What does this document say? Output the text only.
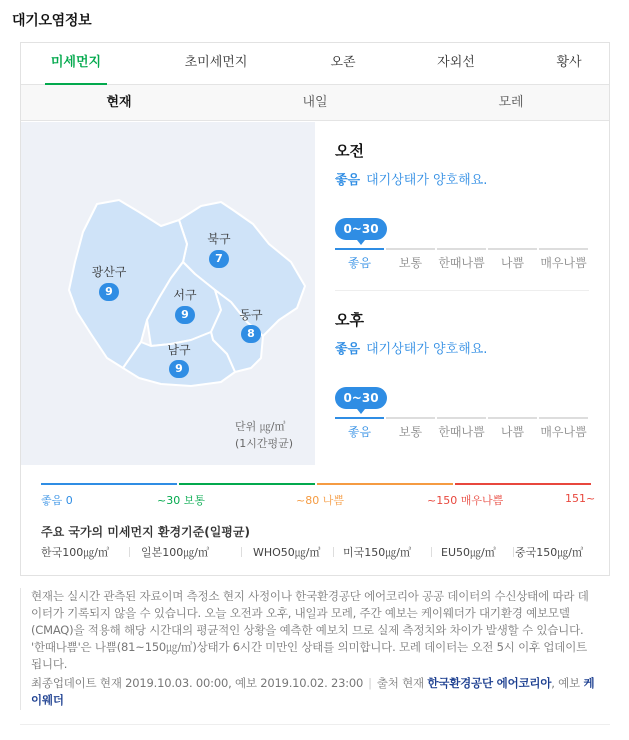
대기오염정보
미세먼지	초미세먼지	오존	자외선	황사
현재	내일	모레
북구
7
광산구
9	서구
9	동구
8
남구
9
단위 ㎍/㎥
(1시간평균)
오전
좋음 대기상태가 양호해요.
0~30
좋음	보통	한때나쁨	나쁨	매우나쁨
오후
좋음 대기상태가 양호해요.
0~30
좋음	보통	한때나쁨	나쁨	매우나쁨
좋음 0	~30 보통	~80 나쁨	~150 매우나쁨	151~
주요 국가의 미세먼지 환경기준(일평균)
한국100㎍/㎥	일본100㎍/㎥	WHO50㎍/㎥ 미국150㎍/㎥	EU50㎍/㎥ 중국150㎍/㎥
현재는 실시간 관측된 자료이며 측정소 현지 사정이나 한국환경공단 에어코리아 공공 데이터의 수신상태에 따라 데이터가 기록되지 않을 수 있습니다. 오늘 오전과 오후, 내일과 모레, 주간 예보는 케이웨더가 대기환경 예보모델(CMAQ)을 적용해 해당 시간대의 평균적인 상황을 예측한 예보치 므로 실제 측정치와 차이가 발생할 수 있습니다. '한때나쁨'은 나쁨(81~150㎍/㎥)상태가 6시간 미만인 상태를 의미합니다. 모레 데이터는 오전 5시 이후 업데이트 됩니다.
최종업데이트 현재 2019.10.03. 00:00, 예보 2019.10.02. 23:00 | 출처 현재 한국환경공단 에어코리아, 예보 케이웨더
